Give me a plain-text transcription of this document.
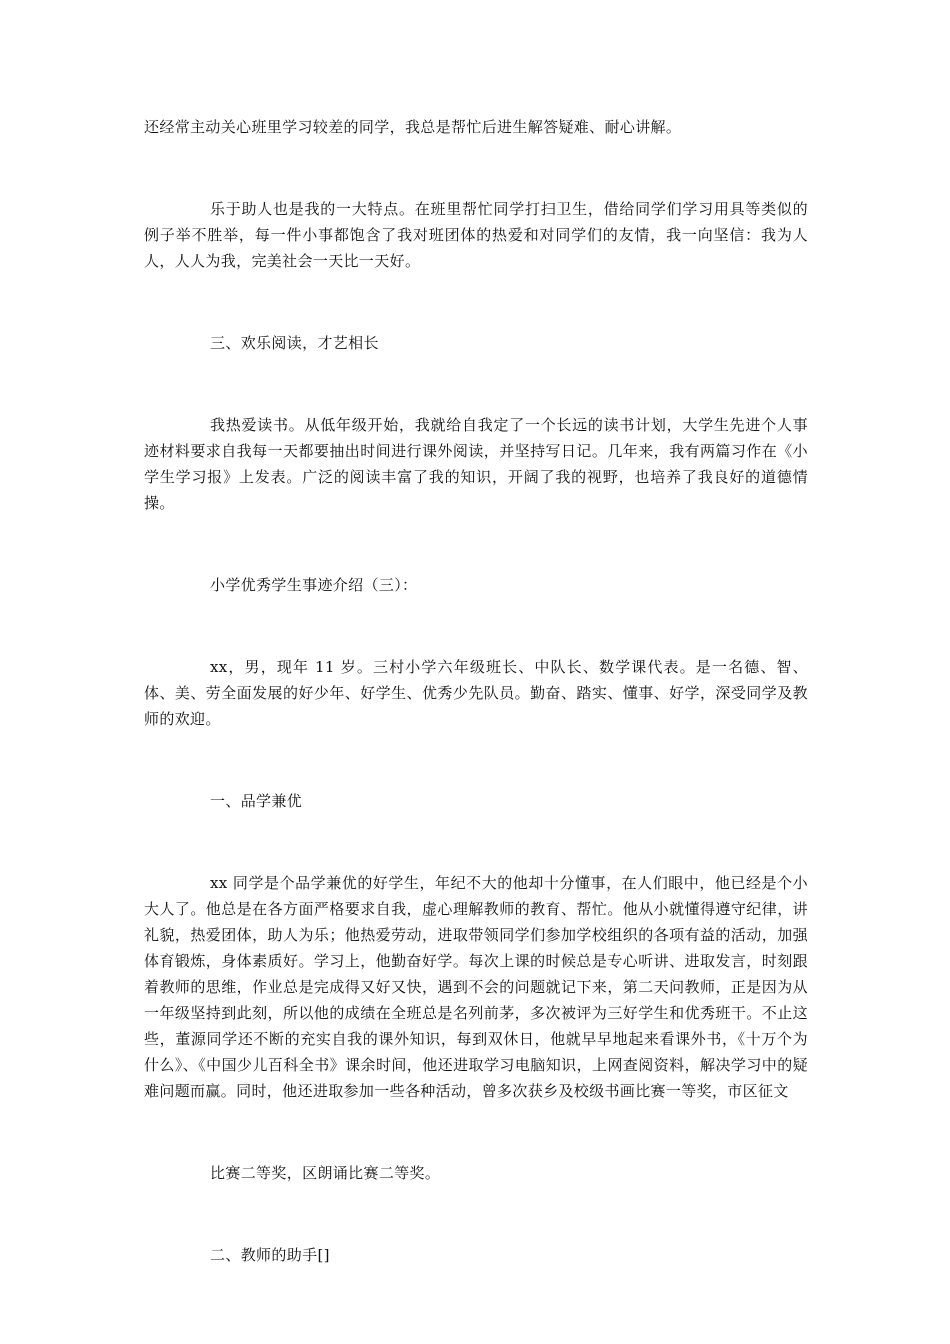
还经常主动关心班里学习较差的同学，我总是帮忙后进生解答疑难、耐心讲解。

乐于助人也是我的一大特点。在班里帮忙同学打扫卫生，借给同学们学习用具等类似的例子举不胜举，每一件小事都饱含了我对班团体的热爱和对同学们的友情，我一向坚信：我为人人，人人为我，完美社会一天比一天好。

三、欢乐阅读，才艺相长

我热爱读书。从低年级开始，我就给自我定了一个长远的读书计划，大学生先进个人事迹材料要求自我每一天都要抽出时间进行课外阅读，并坚持写日记。几年来，我有两篇习作在《小学生学习报》上发表。广泛的阅读丰富了我的知识，开阔了我的视野，也培养了我良好的道德情操。

小学优秀学生事迹介绍（三）：

xx，男，现年 11 岁。三村小学六年级班长、中队长、数学课代表。是一名德、智、体、美、劳全面发展的好少年、好学生、优秀少先队员。勤奋、踏实、懂事、好学，深受同学及教师的欢迎。

一、品学兼优

xx 同学是个品学兼优的好学生，年纪不大的他却十分懂事，在人们眼中，他已经是个小大人了。他总是在各方面严格要求自我，虚心理解教师的教育、帮忙。他从小就懂得遵守纪律，讲礼貌，热爱团体，助人为乐；他热爱劳动，进取带领同学们参加学校组织的各项有益的活动，加强体育锻炼，身体素质好。学习上，他勤奋好学。每次上课的时候总是专心听讲、进取发言，时刻跟着教师的思维，作业总是完成得又好又快，遇到不会的问题就记下来，第二天问教师，正是因为从一年级坚持到此刻，所以他的成绩在全班总是名列前茅，多次被评为三好学生和优秀班干。不止这些，董源同学还不断的充实自我的课外知识，每到双休日，他就早早地起来看课外书，《十万个为什么》、《中国少儿百科全书》课余时间，他还进取学习电脑知识，上网查阅资料，解决学习中的疑难问题而赢。同时，他还进取参加一些各种活动，曾多次获乡及校级书画比赛一等奖，市区征文

比赛二等奖，区朗诵比赛二等奖。

二、教师的助手[]
